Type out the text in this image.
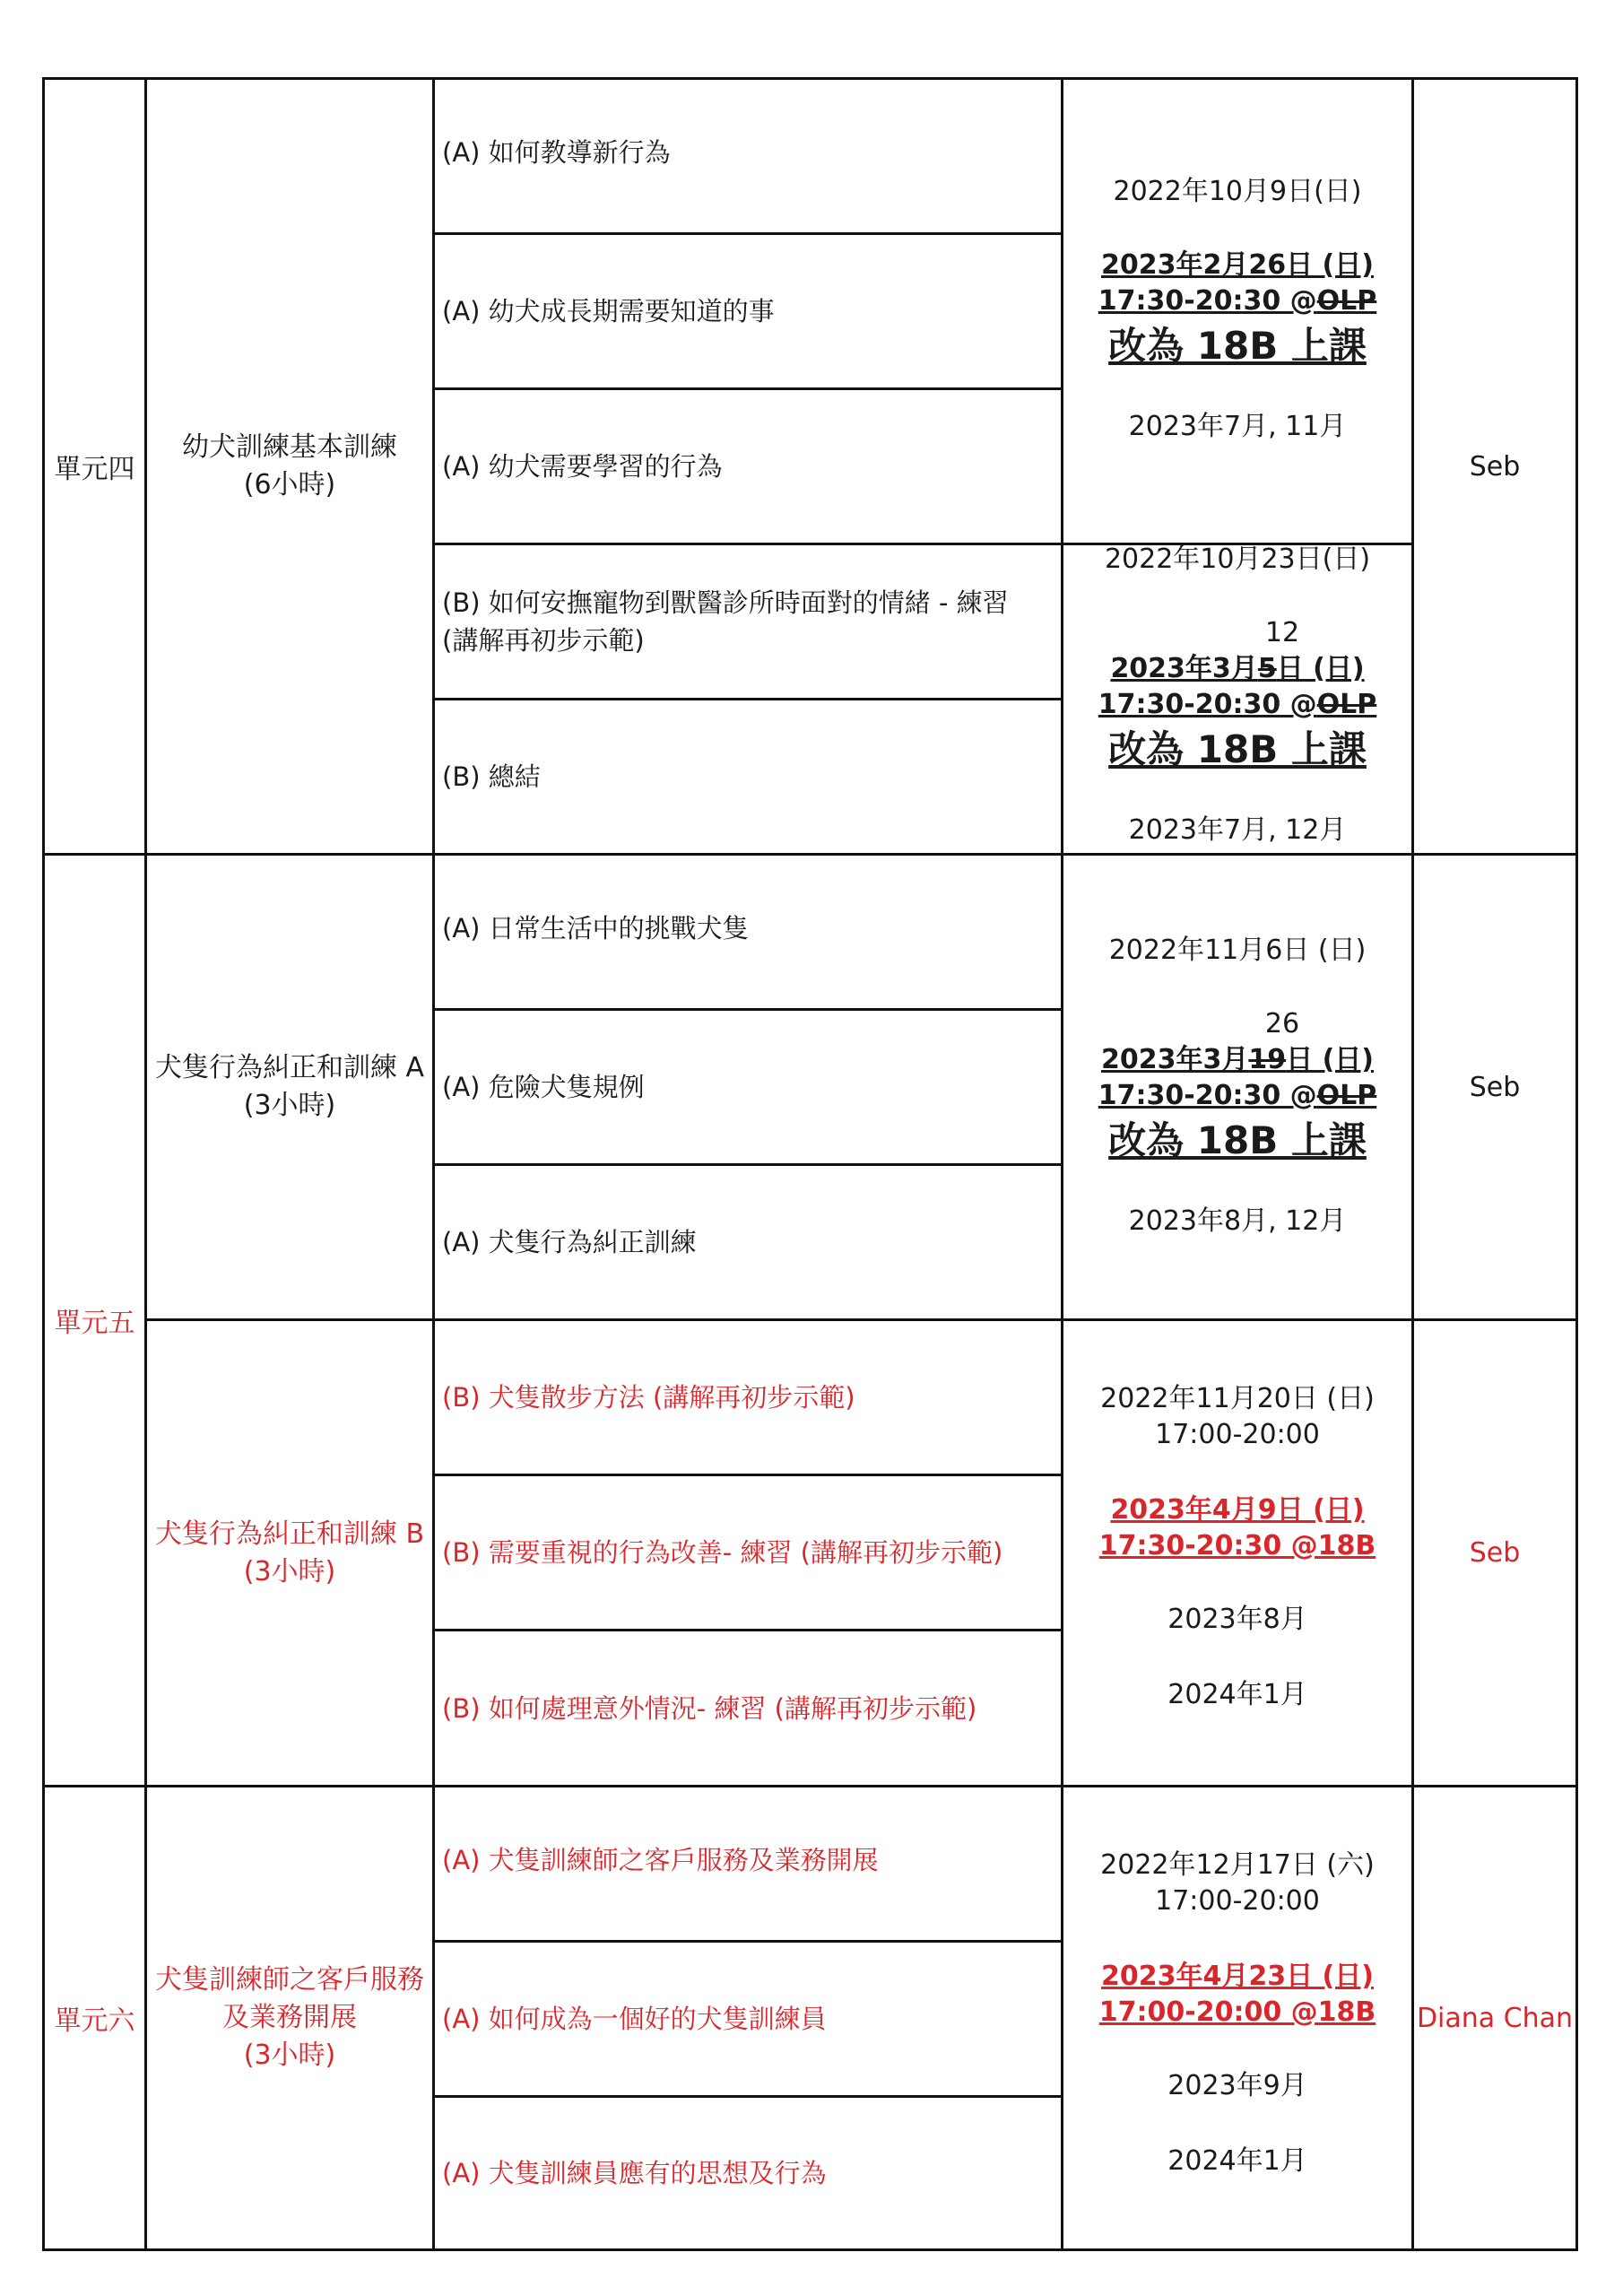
單元四
幼犬訓練基本訓練
(6小時)
(A) 如何教導新行為
(A) 幼犬成長期需要知道的事
(A) 幼犬需要學習的行為
(B) 如何安撫寵物到獸醫診所時面對的情緒 - 練習
(講解再初步示範)
(B) 總結
Seb
2022年10月9日(日)
2023年2月26日 (日)
17:30-20:30 @OLP
改為 18B 上課
2023年7月, 11月
2022年10月23日(日)
12
2023年3月5日 (日)
17:30-20:30 @OLP
改為 18B 上課
2023年7月, 12月
單元五
犬隻行為糾正和訓練 A
(3小時)
(A) 日常生活中的挑戰犬隻
(A) 危險犬隻規例
(A) 犬隻行為糾正訓練
Seb
2022年11月6日 (日)
26
2023年3月19日 (日)
17:30-20:30 @OLP
改為 18B 上課
2023年8月, 12月
犬隻行為糾正和訓練 B
(3小時)
(B) 犬隻散步方法 (講解再初步示範)
(B) 需要重視的行為改善- 練習 (講解再初步示範)
(B) 如何處理意外情況- 練習 (講解再初步示範)
Seb
2022年11月20日 (日)
17:00-20:00
2023年4月9日 (日)
17:30-20:30 @18B
2023年8月
2024年1月
單元六
犬隻訓練師之客戶服務
及業務開展
(3小時)
(A) 犬隻訓練師之客戶服務及業務開展
(A) 如何成為一個好的犬隻訓練員
(A) 犬隻訓練員應有的思想及行為
Diana Chan
2022年12月17日 (六)
17:00-20:00
2023年4月23日 (日)
17:00-20:00 @18B
2023年9月
2024年1月
